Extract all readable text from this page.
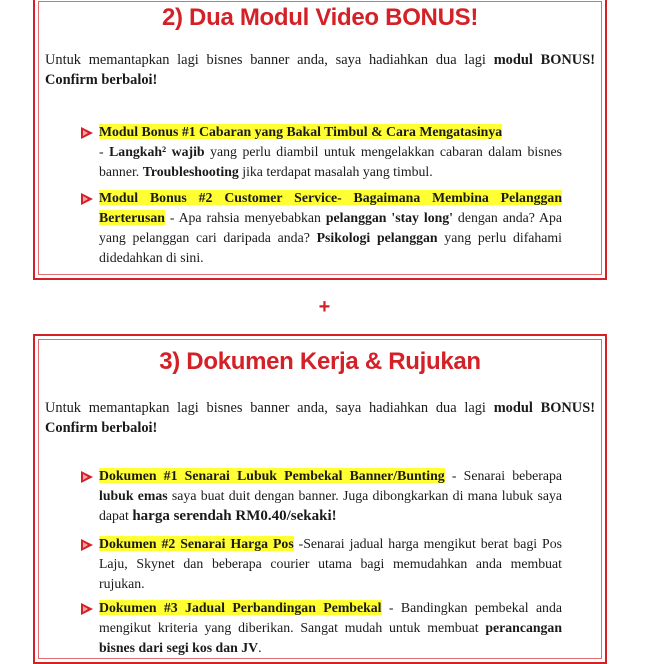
2) Dua Modul Video BONUS!
Untuk memantapkan lagi bisnes banner anda, saya hadiahkan dua lagi modul BONUS! Confirm berbaloi!
Modul Bonus #1 Cabaran yang Bakal Timbul & Cara Mengatasinya
- Langkah² wajib yang perlu diambil untuk mengelakkan cabaran dalam bisnes banner. Troubleshooting jika terdapat masalah yang timbul.
Modul Bonus #2 Customer Service- Bagaimana Membina Pelanggan Berterusan - Apa rahsia menyebabkan pelanggan 'stay long' dengan anda? Apa yang pelanggan cari daripada anda? Psikologi pelanggan yang perlu difahami didedahkan di sini.
+
3) Dokumen Kerja & Rujukan
Untuk memantapkan lagi bisnes banner anda, saya hadiahkan dua lagi modul BONUS! Confirm berbaloi!
Dokumen #1 Senarai Lubuk Pembekal Banner/Bunting - Senarai beberapa lubuk emas saya buat duit dengan banner. Juga dibongkarkan di mana lubuk saya dapat harga serendah RM0.40/sekaki!
Dokumen #2 Senarai Harga Pos -Senarai jadual harga mengikut berat bagi Pos Laju, Skynet dan beberapa courier utama bagi memudahkan anda membuat rujukan.
Dokumen #3 Jadual Perbandingan Pembekal - Bandingkan pembekal anda mengikut kriteria yang diberikan. Sangat mudah untuk membuat perancangan bisnes dari segi kos dan JV.
